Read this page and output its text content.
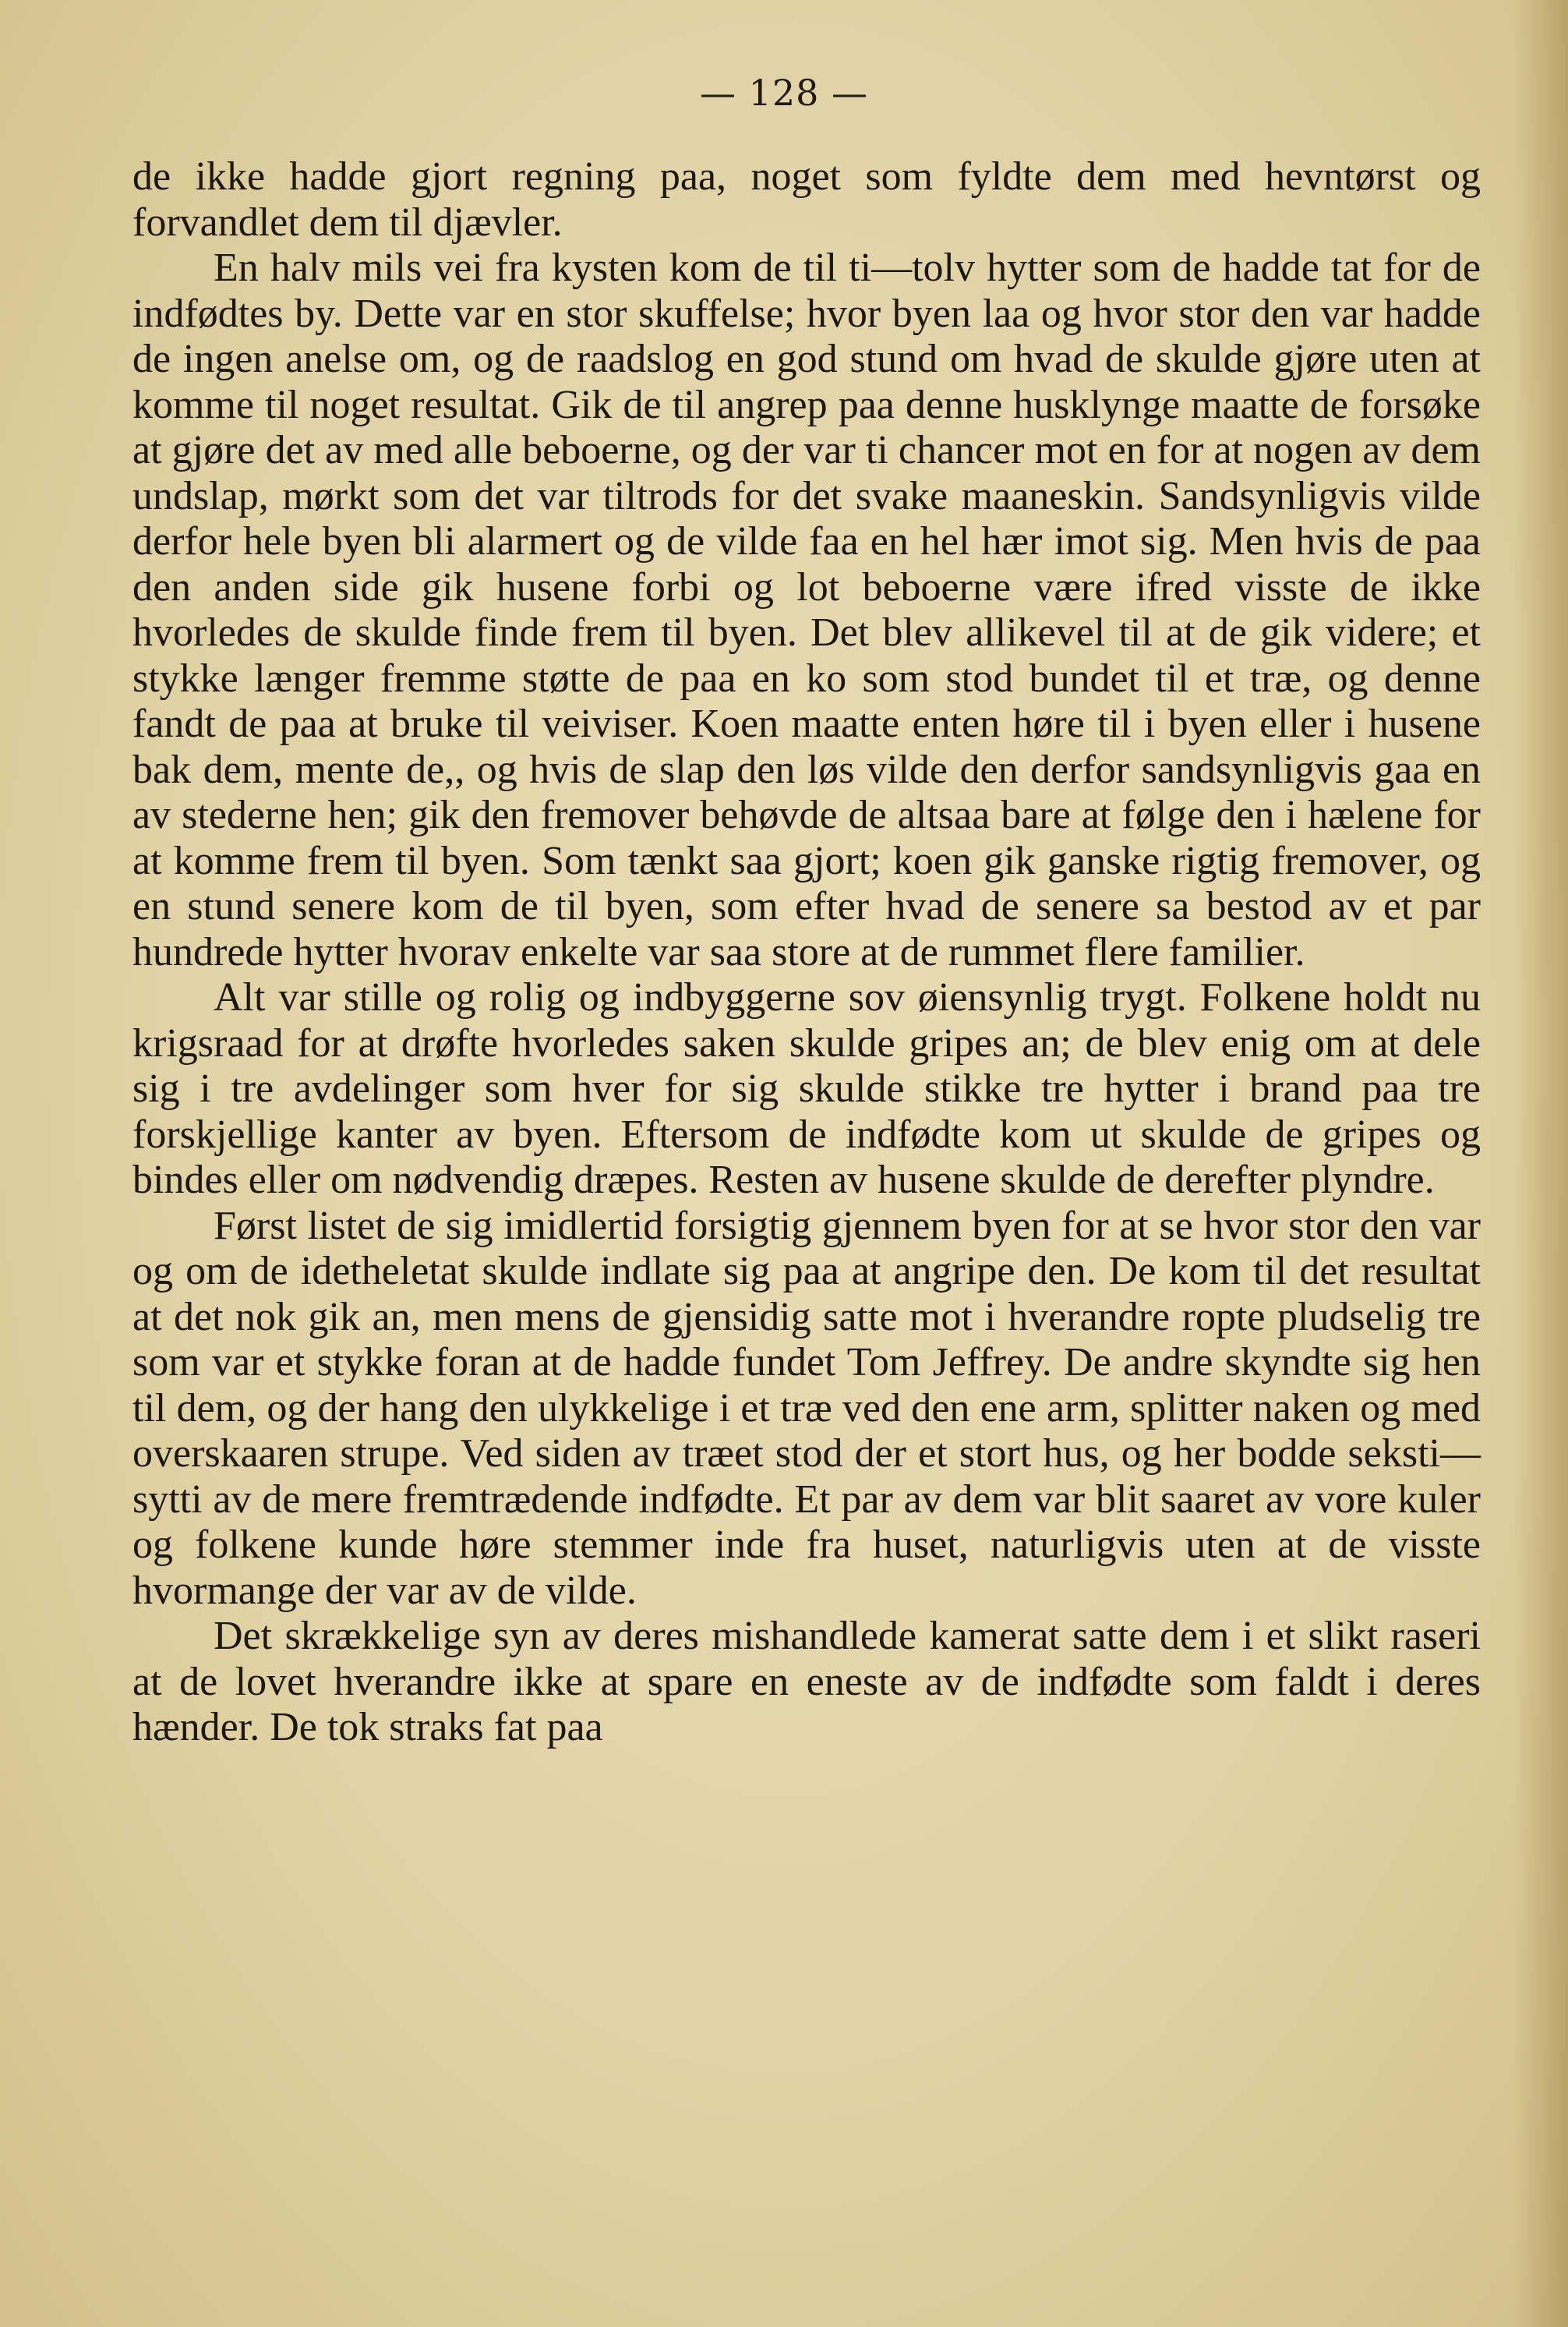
— 128 —

de ikke hadde gjort regning paa, noget som fyldte dem med hevntørst og forvandlet dem til djævler.

En halv mils vei fra kysten kom de til ti—tolv hytter som de hadde tat for de indfødtes by. Dette var en stor skuffelse; hvor byen laa og hvor stor den var hadde de ingen anelse om, og de raadslog en god stund om hvad de skulde gjøre uten at komme til noget resultat. Gik de til angrep paa denne husklynge maatte de forsøke at gjøre det av med alle beboerne, og der var ti chancer mot en for at nogen av dem undslap, mørkt som det var tiltrods for det svake maaneskin. Sandsynligvis vilde derfor hele byen bli alarmert og de vilde faa en hel hær imot sig. Men hvis de paa den anden side gik husene forbi og lot beboerne være ifred visste de ikke hvorledes de skulde finde frem til byen. Det blev allikevel til at de gik videre; et stykke længer fremme støtte de paa en ko som stod bundet til et træ, og denne fandt de paa at bruke til veiviser. Koen maatte enten høre til i byen eller i husene bak dem, mente de,, og hvis de slap den løs vilde den derfor sandsynligvis gaa en av stederne hen; gik den fremover behøvde de altsaa bare at følge den i hælene for at komme frem til byen. Som tænkt saa gjort; koen gik ganske rigtig fremover, og en stund senere kom de til byen, som efter hvad de senere sa bestod av et par hundrede hytter hvorav enkelte var saa store at de rummet flere familier.

Alt var stille og rolig og indbyggerne sov øiensynlig trygt. Folkene holdt nu krigsraad for at drøfte hvorledes saken skulde gripes an; de blev enig om at dele sig i tre avdelinger som hver for sig skulde stikke tre hytter i brand paa tre forskjellige kanter av byen. Eftersom de indfødte kom ut skulde de gripes og bindes eller om nødvendig dræpes. Resten av husene skulde de derefter plyndre.

Først listet de sig imidlertid forsigtig gjennem byen for at se hvor stor den var og om de idetheletat skulde indlate sig paa at angripe den. De kom til det resultat at det nok gik an, men mens de gjensidig satte mot i hverandre ropte pludselig tre som var et stykke foran at de hadde fundet Tom Jeffrey. De andre skyndte sig hen til dem, og der hang den ulykkelige i et træ ved den ene arm, splitter naken og med overskaaren strupe. Ved siden av træet stod der et stort hus, og her bodde seksti—sytti av de mere fremtrædende indfødte. Et par av dem var blit saaret av vore kuler og folkene kunde høre stemmer inde fra huset, naturligvis uten at de visste hvormange der var av de vilde.

Det skrækkelige syn av deres mishandlede kamerat satte dem i et slikt raseri at de lovet hverandre ikke at spare en eneste av de indfødte som faldt i deres hænder. De tok straks fat paa
